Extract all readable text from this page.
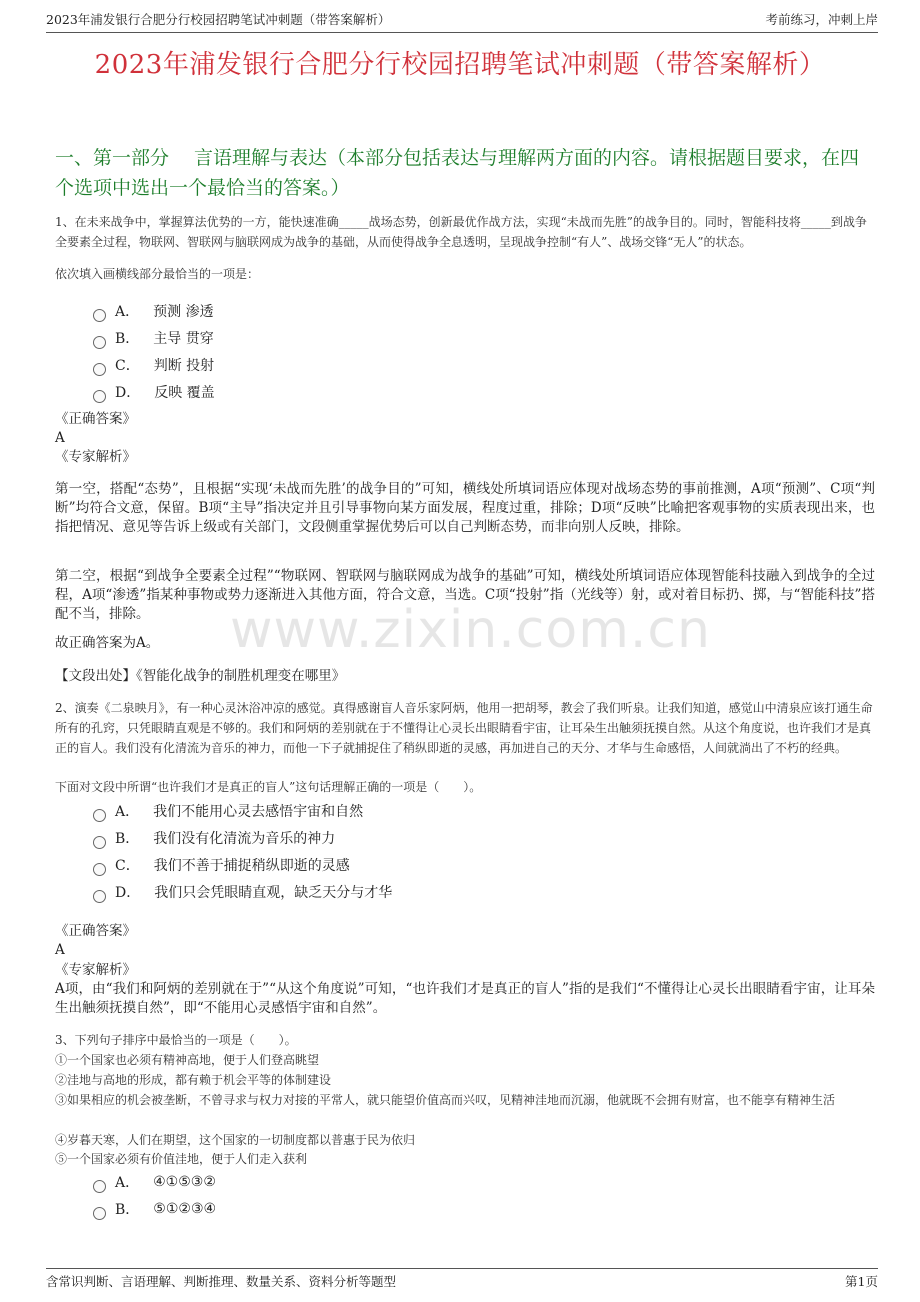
2023年浦发银行合肥分行校园招聘笔试冲刺题（带答案解析）	考前练习，冲刺上岸
2023年浦发银行合肥分行校园招聘笔试冲刺题（带答案解析）
一、第一部分　 言语理解与表达（本部分包括表达与理解两方面的内容。请根据题目要求，在四个选项中选出一个最恰当的答案。）
www.zixin.com.cn
1、在未来战争中，掌握算法优势的一方，能快速准确_____战场态势，创新最优作战方法，实现“未战而先胜”的战争目的。同时，智能科技将_____到战争全要素全过程，物联网、智联网与脑联网成为战争的基础，从而使得战争全息透明，呈现战争控制“有人”、战场交锋“无人”的状态。
依次填入画横线部分最恰当的一项是：
A． 预测 渗透
B． 主导 贯穿
C． 判断 投射
D． 反映 覆盖
《正确答案》
A
《专家解析》
第一空，搭配“态势”，且根据“实现‘未战而先胜’的战争目的”可知，横线处所填词语应体现对战场态势的事前推测，A项“预测”、C项“判断”均符合文意，保留。B项“主导”指决定并且引导事物向某方面发展，程度过重，排除；D项“反映”比喻把客观事物的实质表现出来，也指把情况、意见等告诉上级或有关部门，文段侧重掌握优势后可以自己判断态势，而非向别人反映，排除。
第二空，根据“到战争全要素全过程”“物联网、智联网与脑联网成为战争的基础”可知，横线处所填词语应体现智能科技融入到战争的全过程，A项“渗透”指某种事物或势力逐渐进入其他方面，符合文意，当选。C项“投射”指（光线等）射，或对着目标扔、掷，与“智能科技”搭配不当，排除。
故正确答案为A。
【文段出处】《智能化战争的制胜机理变在哪里》
2、演奏《二泉映月》，有一种心灵沐浴冲凉的感觉。真得感谢盲人音乐家阿炳，他用一把胡琴，教会了我们听泉。让我们知道，感觉山中清泉应该打通生命所有的孔窍，只凭眼睛直观是不够的。我们和阿炳的差别就在于不懂得让心灵长出眼睛看宇宙，让耳朵生出触须抚摸自然。从这个角度说，也许我们才是真正的盲人。我们没有化清流为音乐的神力，而他一下子就捕捉住了稍纵即逝的灵感，再加进自己的天分、才华与生命感悟，人间就淌出了不朽的经典。
下面对文段中所谓“也许我们才是真正的盲人”这句话理解正确的一项是（　　）。
A． 我们不能用心灵去感悟宇宙和自然
B． 我们没有化清流为音乐的神力
C． 我们不善于捕捉稍纵即逝的灵感
D． 我们只会凭眼睛直观，缺乏天分与才华
《正确答案》
A
《专家解析》
A项，由“我们和阿炳的差别就在于”“从这个角度说”可知，“也许我们才是真正的盲人”指的是我们“不懂得让心灵长出眼睛看宇宙，让耳朵生出触须抚摸自然”，即“不能用心灵感悟宇宙和自然”。
3、下列句子排序中最恰当的一项是（　　）。
①一个国家也必须有精神高地，便于人们登高眺望
②洼地与高地的形成，都有赖于机会平等的体制建设
③如果相应的机会被垄断，不曾寻求与权力对接的平常人，就只能望价值高而兴叹，见精神洼地而沉溺，他就既不会拥有财富，也不能享有精神生活
④岁暮天寒，人们在期望，这个国家的一切制度都以普惠于民为依归
⑤一个国家必须有价值洼地，便于人们走入获利
A． ④①⑤③②
B． ⑤①②③④
含常识判断、言语理解、判断推理、数量关系、资料分析等题型	第1页
